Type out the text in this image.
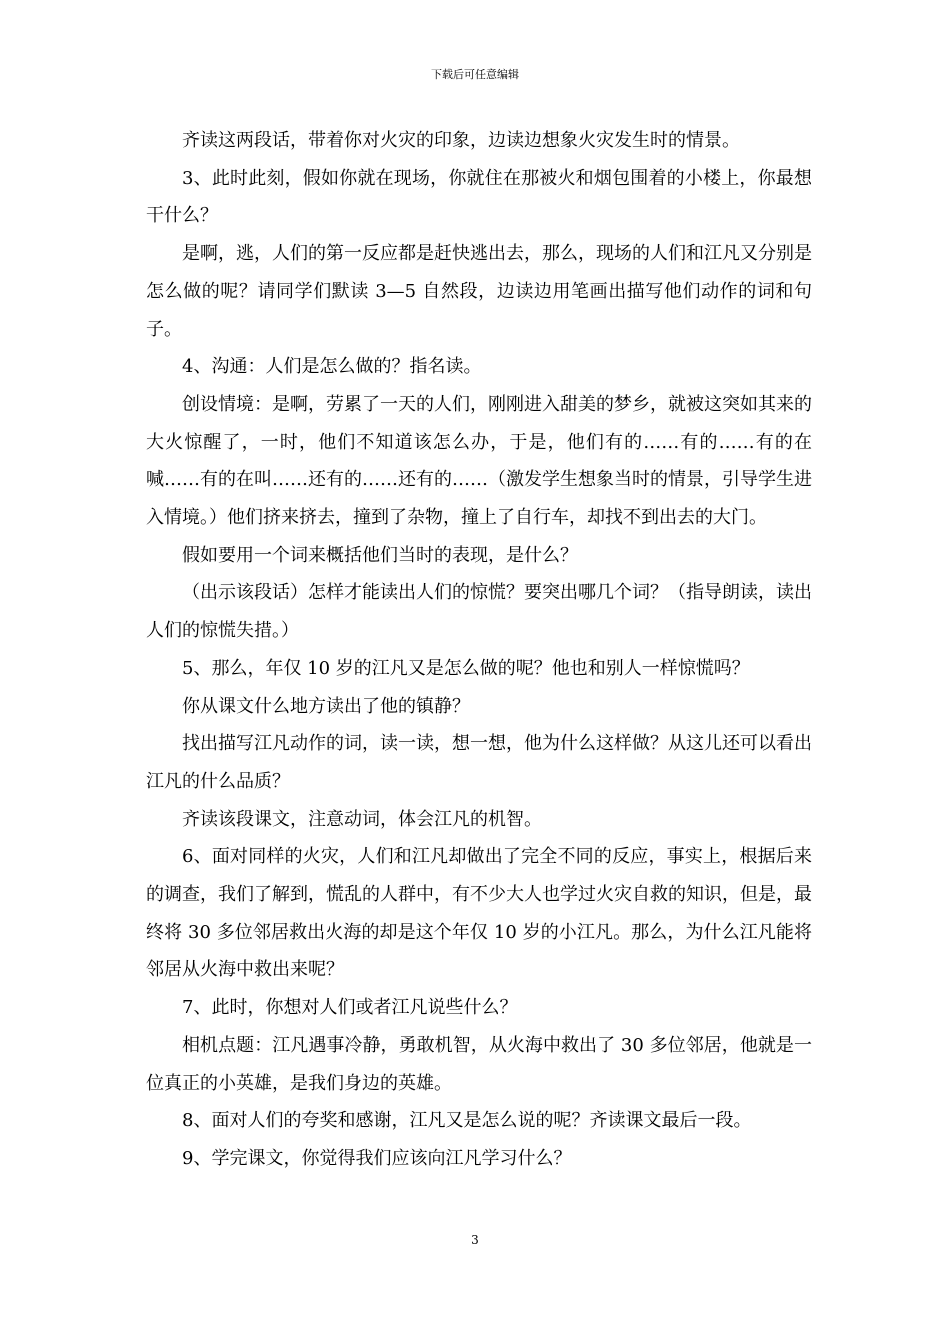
下载后可任意编辑

齐读这两段话，带着你对火灾的印象，边读边想象火灾发生时的情景。

3、此时此刻，假如你就在现场，你就住在那被火和烟包围着的小楼上，你最想干什么？

是啊，逃，人们的第一反应都是赶快逃出去，那么，现场的人们和江凡又分别是怎么做的呢？请同学们默读 3—5 自然段，边读边用笔画出描写他们动作的词和句子。

4、沟通：人们是怎么做的？指名读。

创设情境：是啊，劳累了一天的人们，刚刚进入甜美的梦乡，就被这突如其来的大火惊醒了，一时，他们不知道该怎么办，于是，他们有的……有的……有的在喊……有的在叫……还有的……还有的……（激发学生想象当时的情景，引导学生进入情境。）他们挤来挤去，撞到了杂物，撞上了自行车，却找不到出去的大门。

假如要用一个词来概括他们当时的表现，是什么？

（出示该段话）怎样才能读出人们的惊慌？要突出哪几个词？（指导朗读，读出人们的惊慌失措。）

5、那么，年仅 10 岁的江凡又是怎么做的呢？他也和别人一样惊慌吗？

你从课文什么地方读出了他的镇静？

找出描写江凡动作的词，读一读，想一想，他为什么这样做？从这儿还可以看出江凡的什么品质？

齐读该段课文，注意动词，体会江凡的机智。

6、面对同样的火灾，人们和江凡却做出了完全不同的反应，事实上，根据后来的调查，我们了解到，慌乱的人群中，有不少大人也学过火灾自救的知识，但是，最终将 30 多位邻居救出火海的却是这个年仅 10 岁的小江凡。那么，为什么江凡能将邻居从火海中救出来呢？

7、此时，你想对人们或者江凡说些什么？

相机点题：江凡遇事冷静，勇敢机智，从火海中救出了 30 多位邻居，他就是一位真正的小英雄，是我们身边的英雄。

8、面对人们的夸奖和感谢，江凡又是怎么说的呢？齐读课文最后一段。

9、学完课文，你觉得我们应该向江凡学习什么？

3
